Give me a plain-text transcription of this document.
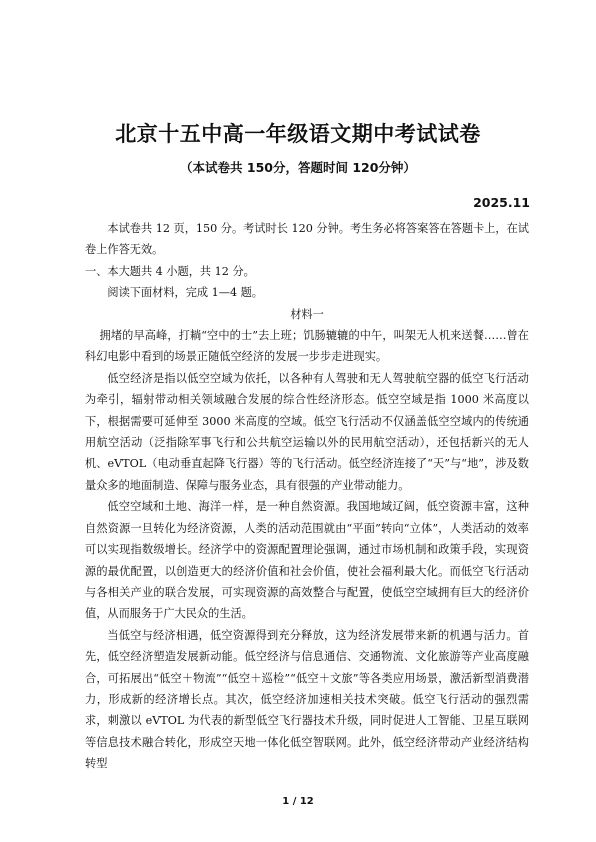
北京十五中高一年级语文期中考试试卷
（本试卷共 150分，答题时间 120分钟）
2025.11

本试卷共 12 页，150 分。考试时长 120 分钟。考生务必将答案答在答题卡上，在试卷上作答无效。

一、本大题共 4 小题，共 12 分。

阅读下面材料，完成 1—4 题。

材料一

拥堵的早高峰，打耥“空中的士”去上班；饥肠辘辘的中午，叫架无人机来送餐……曾在科幻电影中看到的场景正随低空经济的发展一步步走进现实。

低空经济是指以低空空域为依托，以各种有人驾驶和无人驾驶航空器的低空飞行活动为牵引，辐射带动相关领域融合发展的综合性经济形态。低空空域是指 1000 米高度以下，根据需要可延伸至 3000 米高度的空域。低空飞行活动不仅涵盖低空空域内的传统通用航空活动（泛指除军事飞行和公共航空运输以外的民用航空活动），还包括新兴的无人机、eVTOL（电动垂直起降飞行器）等的飞行活动。低空经济连接了“天”与“地”，涉及数量众多的地面制造、保障与服务业态，具有很强的产业带动能力。

低空空域和土地、海洋一样，是一种自然资源。我国地域辽阔，低空资源丰富，这种自然资源一旦转化为经济资源，人类的活动范围就由“平面”转向“立体”，人类活动的效率可以实现指数级增长。经济学中的资源配置理论强调，通过市场机制和政策手段，实现资源的最优配置，以创造更大的经济价值和社会价值，使社会福利最大化。而低空飞行活动与各相关产业的联合发展，可实现资源的高效整合与配置，使低空空域拥有巨大的经济价值，从而服务于广大民众的生活。

当低空与经济相遇，低空资源得到充分释放，这为经济发展带来新的机遇与活力。首先，低空经济塑造发展新动能。低空经济与信息通信、交通物流、文化旅游等产业高度融合，可拓展出“低空＋物流”“低空＋巡检”“低空＋文旅”等各类应用场景，激活新型消费潜力，形成新的经济增长点。其次，低空经济加速相关技术突破。低空飞行活动的强烈需求，刺激以 eVTOL 为代表的新型低空飞行器技术升级，同时促进人工智能、卫星互联网等信息技术融合转化，形成空天地一体化低空智联网。此外，低空经济带动产业经济结构转型

1 / 12
